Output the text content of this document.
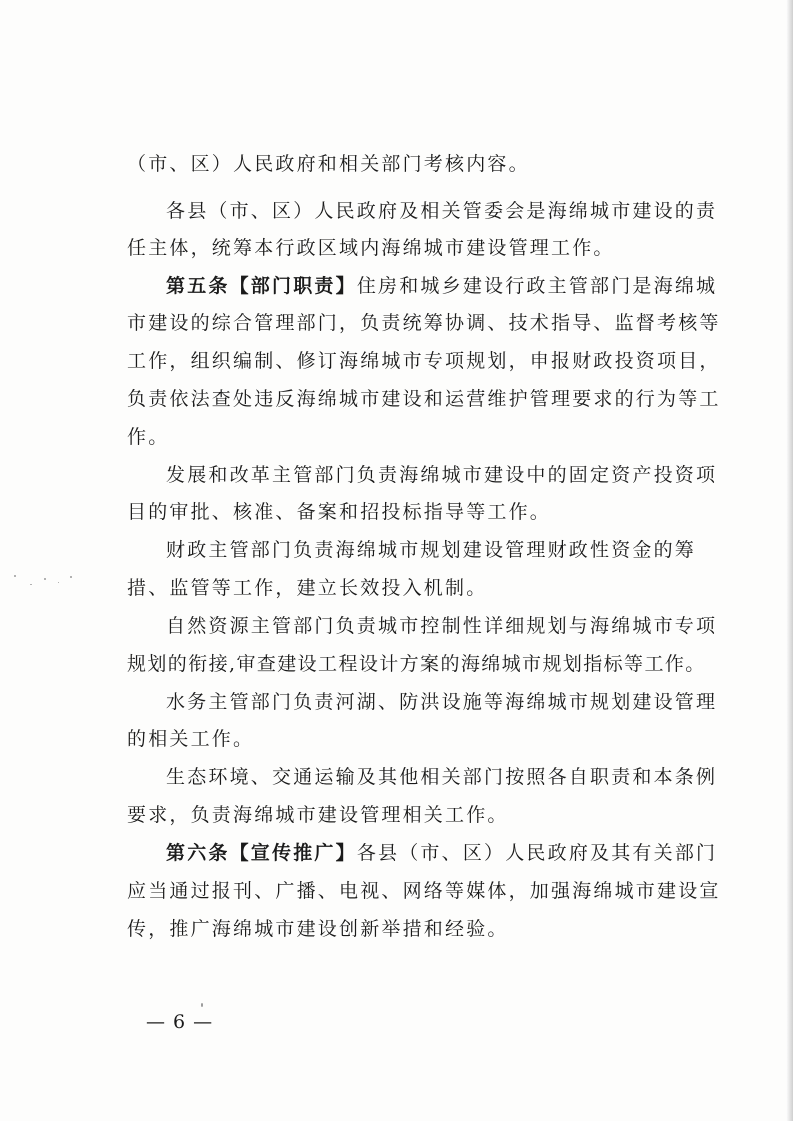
（市、区）人民政府和相关部门考核内容。
各县（市、区）人民政府及相关管委会是海绵城市建设的责
任主体，统筹本行政区域内海绵城市建设管理工作。
第五条【部门职责】住房和城乡建设行政主管部门是海绵城
市建设的综合管理部门，负责统筹协调、技术指导、监督考核等
工作，组织编制、修订海绵城市专项规划，申报财政投资项目，
负责依法查处违反海绵城市建设和运营维护管理要求的行为等工
作。
发展和改革主管部门负责海绵城市建设中的固定资产投资项
目的审批、核准、备案和招投标指导等工作。
财政主管部门负责海绵城市规划建设管理财政性资金的筹
措、监管等工作，建立长效投入机制。
自然资源主管部门负责城市控制性详细规划与海绵城市专项
规划的衔接,审查建设工程设计方案的海绵城市规划指标等工作。
水务主管部门负责河湖、防洪设施等海绵城市规划建设管理
的相关工作。
生态环境、交通运输及其他相关部门按照各自职责和本条例
要求，负责海绵城市建设管理相关工作。
第六条【宣传推广】各县（市、区）人民政府及其有关部门
应当通过报刊、广播、电视、网络等媒体，加强海绵城市建设宣
传，推广海绵城市建设创新举措和经验。
— 6 —
